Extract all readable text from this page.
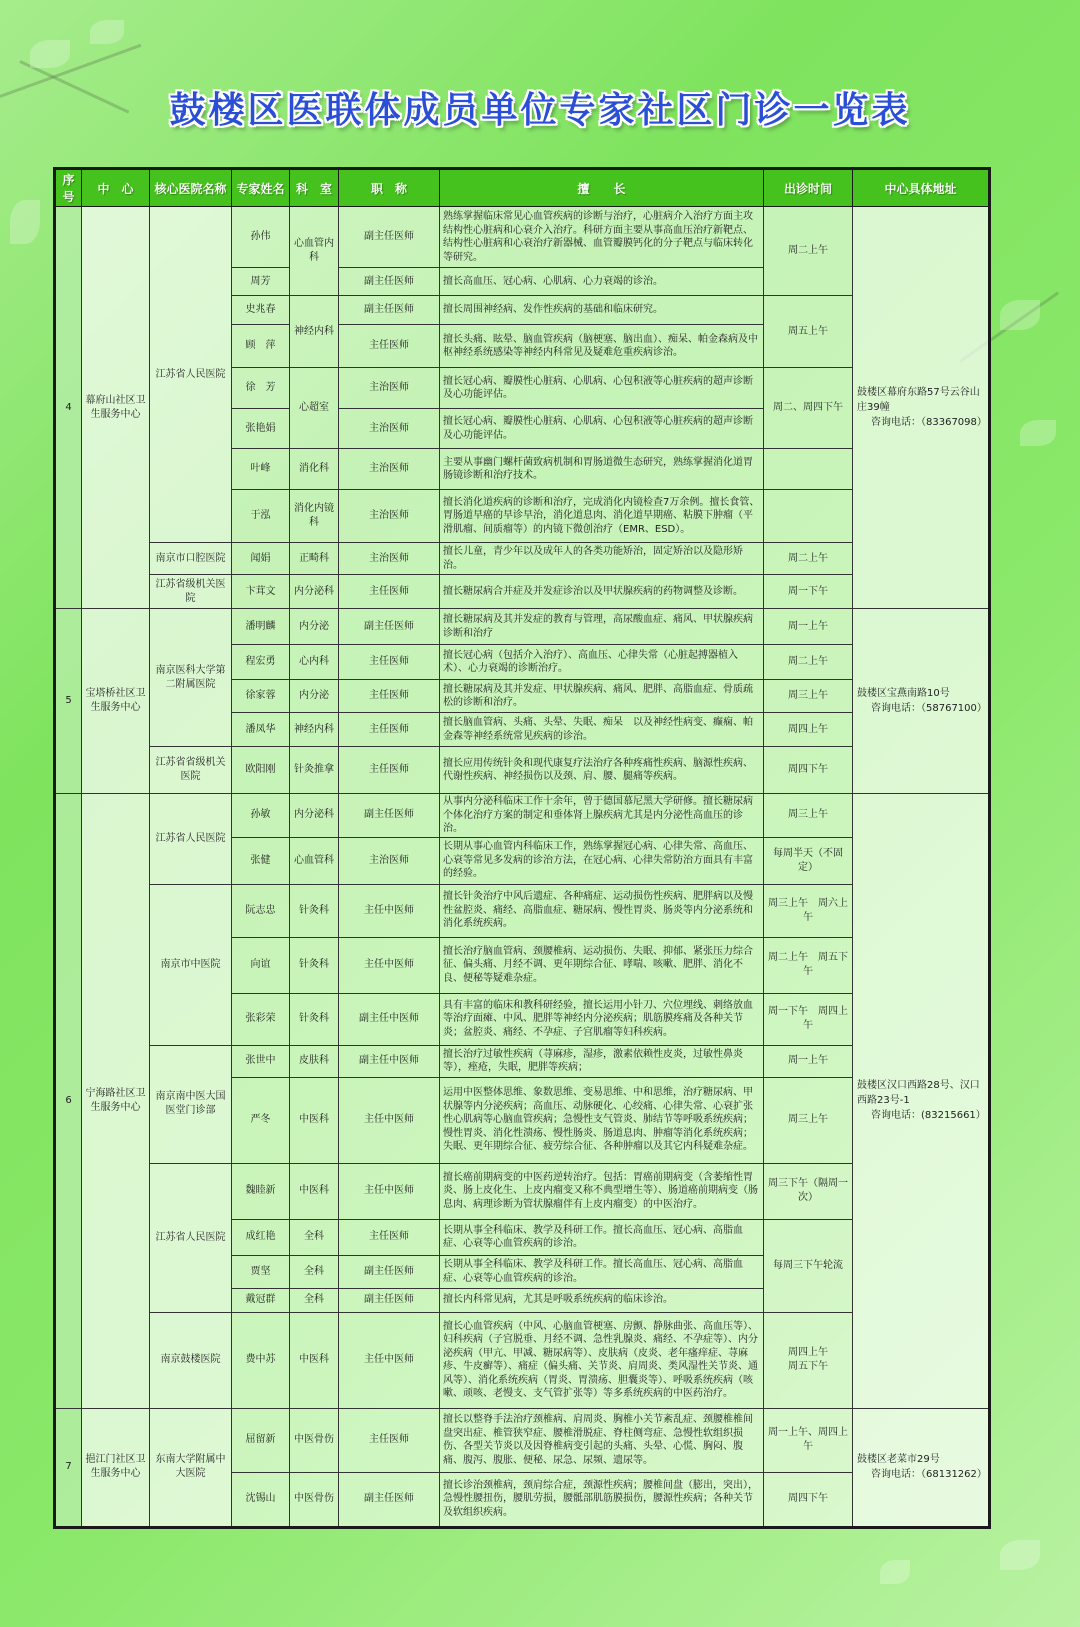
鼓楼区医联体成员单位专家社区门诊一览表
序号	中　心	核心医院名称	专家姓名	科　室	职　称	擅　　长	出诊时间	中心具体地址
4	幕府山社区卫生服务中心	江苏省人民医院	孙伟	心血管内科	副主任医师	熟练掌握临床常见心血管疾病的诊断与治疗，心脏病介入治疗方面主攻结构性心脏病和心衰介入治疗。科研方面主要从事高血压治疗新靶点、结构性心脏病和心衰治疗新器械、血管瓣膜钙化的分子靶点与临床转化等研究。	周二上午	鼓楼区幕府东路57号云谷山庄39幢
咨询电话：（83367098）

			周芳		副主任医师	擅长高血压、冠心病、心肌病、心力衰竭的诊治。		
			史兆春	神经内科	副主任医师	擅长周围神经病、发作性疾病的基础和临床研究。	周五上午	
			顾　萍		主任医师	擅长头痛、眩晕、脑血管疾病（脑梗塞、脑出血）、痴呆、帕金森病及中枢神经系统感染等神经内科常见及疑难危重疾病诊治。		
			徐　芳	心超室	主治医师	擅长冠心病、瓣膜性心脏病、心肌病、心包积液等心脏疾病的超声诊断及心功能评估。	周二、周四下午	
			张艳娟		主治医师	擅长冠心病、瓣膜性心脏病、心肌病、心包积液等心脏疾病的超声诊断及心功能评估。		
			叶峰	消化科	主治医师	主要从事幽门螺杆菌致病机制和胃肠道微生态研究，熟练掌握消化道胃肠镜诊断和治疗技术。		
			于泓	消化内镜科	主治医师	擅长消化道疾病的诊断和治疗，完成消化内镜检查7万余例。擅长食管、胃肠道早癌的早诊早治，消化道息肉、消化道早期癌、粘膜下肿瘤（平滑肌瘤、间质瘤等）的内镜下微创治疗（EMR、ESD）。		
		南京市口腔医院	闻娟	正畸科	主治医师	擅长儿童，青少年以及成年人的各类功能矫治，固定矫治以及隐形矫治。	周二上午	
		江苏省级机关医院	卞茸文	内分泌科	主任医师	擅长糖尿病合并症及并发症诊治以及甲状腺疾病的药物调整及诊断。	周一下午	
5	宝塔桥社区卫生服务中心	南京医科大学第二附属医院	潘明麟	内分泌	副主任医师	擅长糖尿病及其并发症的教育与管理，高尿酸血症、痛风、甲状腺疾病诊断和治疗	周一上午	鼓楼区宝燕南路10号
咨询电话：（58767100）

			程宏勇	心内科	主任医师	擅长冠心病（包括介入治疗）、高血压、心律失常（心脏起搏器植入术）、心力衰竭的诊断治疗。	周二上午	
			徐家蓉	内分泌	主任医师	擅长糖尿病及其并发症、甲状腺疾病、痛风、肥胖、高脂血症、骨质疏松的诊断和治疗。	周三上午	
			潘凤华	神经内科	主任医师	擅长脑血管病、头痛、头晕、失眠、痴呆　以及神经性病变、癫痫、帕金森等神经系统常见疾病的诊治。	周四上午	
		江苏省省级机关医院	欧阳刚	针灸推拿	主任医师	擅长应用传统针灸和现代康复疗法治疗各种疼痛性疾病、脑源性疾病、代谢性疾病、神经损伤以及颈、肩、腰、腿痛等疾病。	周四下午	
6	宁海路社区卫生服务中心	江苏省人民医院	孙敏	内分泌科	副主任医师	从事内分泌科临床工作十余年，曾于德国慕尼黑大学研修。擅长糖尿病个体化治疗方案的制定和垂体肾上腺疾病尤其是内分泌性高血压的诊治。	周三上午	鼓楼区汉口西路28号、汉口西路23号-1
咨询电话：(83215661）

			张健	心血管科	主治医师	长期从事心血管内科临床工作，熟练掌握冠心病、心律失常、高血压、心衰等常见多发病的诊治方法，在冠心病、心律失常防治方面具有丰富的经验。	每周半天（不固定）	
		南京市中医院	阮志忠	针灸科	主任中医师	擅长针灸治疗中风后遗症、各种痛症、运动损伤性疾病、肥胖病以及慢性盆腔炎、痛经、高脂血症、糖尿病、慢性胃炎、肠炎等内分泌系统和消化系统疾病。	周三上午　周六上午	
			向谊	针灸科	主任中医师	擅长治疗脑血管病、颈腰椎病、运动损伤、失眠、抑郁、紧张压力综合征、偏头痛、月经不调、更年期综合征、哮喘、咳嗽、肥胖、消化不良、便秘等疑难杂症。	周二上午　周五下午	
			张彩荣	针灸科	副主任中医师	具有丰富的临床和教科研经验，擅长运用小针刀、穴位埋线、刺络放血等治疗面瘫、中风、肥胖等神经内分泌疾病；肌筋膜疼痛及各种关节炎；盆腔炎、痛经、不孕症、子宫肌瘤等妇科疾病。	周一下午　周四上午	
		南京南中医大国医堂门诊部	张世中	皮肤科	副主任中医师	擅长治疗过敏性疾病（荨麻疹，湿疹，激素依赖性皮炎，过敏性鼻炎等），痤疮，失眠，肥胖等疾病；	周一上午	
			严冬	中医科	主任中医师	运用中医整体思维、象数思维、变易思维、中和思维，治疗糖尿病、甲状腺等内分泌疾病；高血压、动脉硬化、心绞痛、心律失常、心衰扩张性心肌病等心脑血管疾病；急慢性支气管炎、肺结节等呼吸系统疾病；慢性胃炎、消化性溃疡、慢性肠炎、肠道息肉、肿瘤等消化系统疾病；失眠、更年期综合征、疲劳综合征、各种肿瘤以及其它内科疑难杂症。	周三上午	
		江苏省人民医院	魏睦新	中医科	主任中医师	擅长癌前期病变的中医药逆转治疗。包括：胃癌前期病变（含萎缩性胃炎、肠上皮化生、上皮内瘤变又称不典型增生等）、肠道癌前期病变（肠息肉、病理诊断为管状腺瘤伴有上皮内瘤变）的中医治疗。	周三下午（隔周一次）	
			成红艳	全科	主任医师	长期从事全科临床、教学及科研工作。擅长高血压、冠心病、高脂血症、心衰等心血管疾病的诊治。	每周三下午轮流	
			贾坚	全科	副主任医师	长期从事全科临床、教学及科研工作。擅长高血压、冠心病、高脂血症、心衰等心血管疾病的诊治。		
			戴冠群	全科	副主任医师	擅长内科常见病，尤其是呼吸系统疾病的临床诊治。		
		南京鼓楼医院	费中苏	中医科	主任中医师	擅长心血管疾病（中风、心脑血管梗塞、房颤、静脉曲张、高血压等）、妇科疾病（子宫脱垂、月经不调、急性乳腺炎、痛经、不孕症等）、内分泌疾病（甲亢、甲减、糖尿病等）、皮肤病（皮炎、老年瘙痒症、荨麻疹、牛皮癣等）、痛症（偏头痛、关节炎、肩周炎、类风湿性关节炎、通风等）、消化系统疾病（胃炎、胃溃疡、胆囊炎等）、呼吸系统疾病（咳嗽、顽咳、老慢支、支气管扩张等）等多系统疾病的中医药治疗。	周四上午
周五下午	
7	挹江门社区卫生服务中心	东南大学附属中大医院	屈留新	中医骨伤	主任医师	擅长以整脊手法治疗颈椎病、肩周炎、胸椎小关节紊乱症、颈腰椎椎间盘突出症、椎管狭窄症、腰椎滑脱症、脊柱侧弯症、急慢性软组织损伤、各型关节炎以及因脊椎病变引起的头痛、头晕、心慌、胸闷、腹痛、腹泻、腹胀、便秘、尿急、尿频、遗尿等。	周一上午、周四上午	鼓楼区老菜市29号
咨询电话：（68131262）

			沈锡山	中医骨伤	副主任医师	擅长诊治颈椎病，颈肩综合症，颈源性疾病；腰椎间盘（膨出，突出），急慢性腰扭伤，腰肌劳损，腰骶部肌筋膜损伤，腰源性疾病；各种关节及软组织疾病。	周四下午	
